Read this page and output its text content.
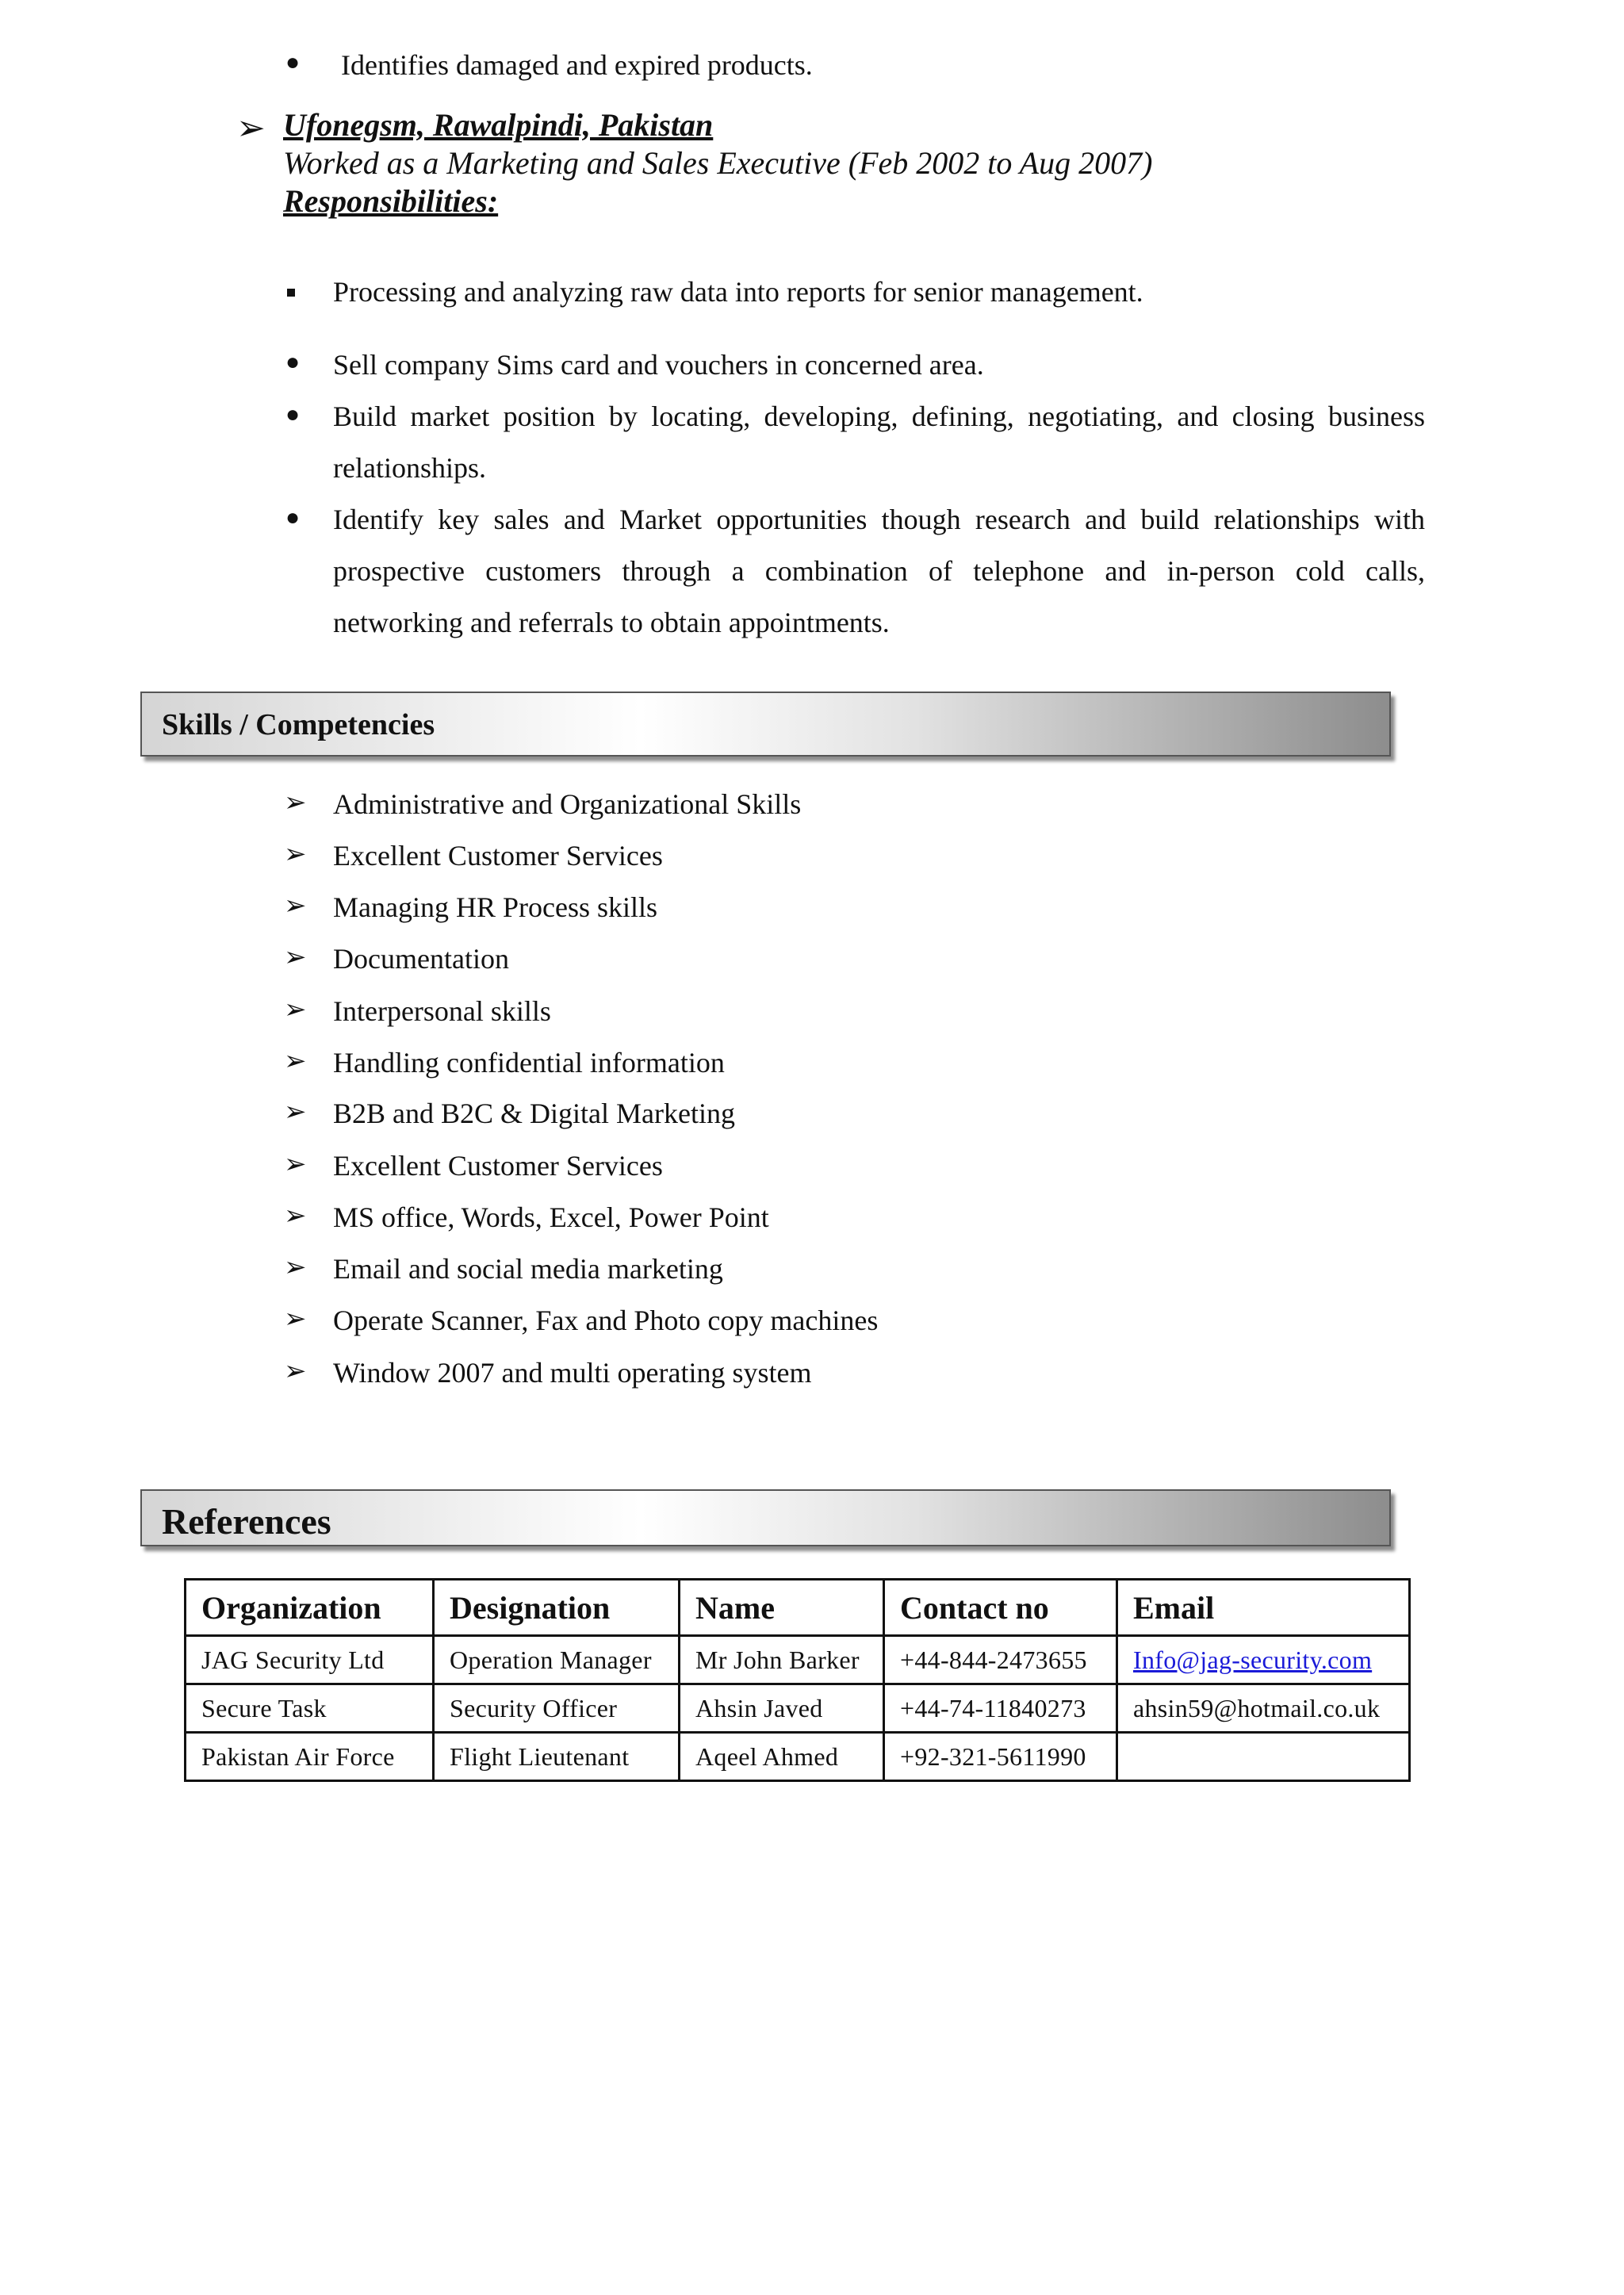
● Identifies damaged and expired products.
➢ Ufonegsm, Rawalpindi, Pakistan
Worked as a Marketing and Sales Executive (Feb 2002 to Aug 2007)
Responsibilities:
Processing and analyzing raw data into reports for senior management.
● Sell company Sims card and vouchers in concerned area.
● Build market position by locating, developing, defining, negotiating, and closing business relationships.
● Identify key sales and Market opportunities though research and build relationships with prospective customers through a combination of telephone and in-person cold calls, networking and referrals to obtain appointments.
Skills / Competencies
➢ Administrative and Organizational Skills
➢ Excellent Customer Services
➢ Managing HR Process skills
➢ Documentation
➢ Interpersonal skills
➢ Handling confidential information
➢ B2B and B2C & Digital Marketing
➢ Excellent Customer Services
➢ MS office, Words, Excel, Power Point
➢ Email and social media marketing
➢ Operate Scanner, Fax and Photo copy machines
➢ Window 2007 and multi operating system
References
Organization	Designation	Name	Contact no	Email
JAG Security Ltd	Operation Manager	Mr John Barker	+44-844-2473655	Info@jag-security.com
Secure Task	Security Officer	Ahsin Javed	+44-74-11840273	ahsin59@hotmail.co.uk
Pakistan Air Force	Flight Lieutenant	Aqeel Ahmed	+92-321-5611990	
